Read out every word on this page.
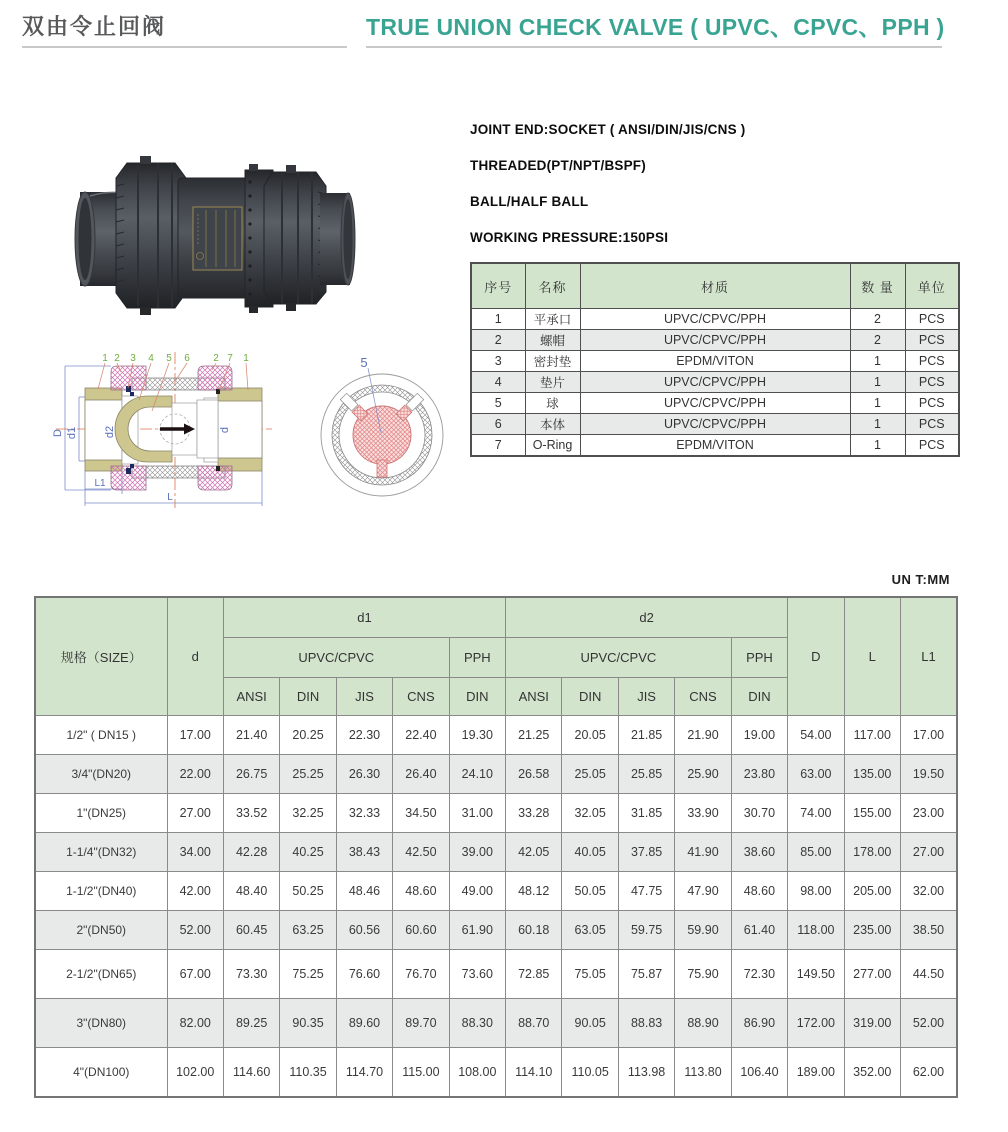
双由令止回阀	TRUE UNION CHECK VALVE ( UPVC、CPVC、PPH )
JOINT END:SOCKET ( ANSI/DIN/JIS/CNS )
THREADED(PT/NPT/BSPF)
BALL/HALF BALL
WORKING PRESSURE:150PSI
序号	名称	材质	数 量	单位
1	平承口	UPVC/CPVC/PPH	2	PCS
2	螺帽	UPVC/CPVC/PPH	2	PCS
3	密封垫	EPDM/VITON	1	PCS
4	垫片	UPVC/CPVC/PPH	1	PCS
5	球	UPVC/CPVC/PPH	1	PCS
6	本体	UPVC/CPVC/PPH	1	PCS
7	O-Ring	EPDM/VITON	1	PCS
1 2 3 4 5 6 2 7 1
D d1 d2	d
L1
L
5
UN T:MM
规格（SIZE）	d	d1					d2					D	L	L1
		UPVC/CPVC				PPH	UPVC/CPVC				PPH			
		ANSI	DIN	JIS	CNS	DIN	ANSI	DIN	JIS	CNS	DIN			
1/2" ( DN15 )	17.00	21.40	20.25	22.30	22.40	19.30	21.25	20.05	21.85	21.90	19.00	54.00	117.00	17.00
3/4"(DN20)	22.00	26.75	25.25	26.30	26.40	24.10	26.58	25.05	25.85	25.90	23.80	63.00	135.00	19.50
1"(DN25)	27.00	33.52	32.25	32.33	34.50	31.00	33.28	32.05	31.85	33.90	30.70	74.00	155.00	23.00
1-1/4"(DN32)	34.00	42.28	40.25	38.43	42.50	39.00	42.05	40.05	37.85	41.90	38.60	85.00	178.00	27.00
1-1/2"(DN40)	42.00	48.40	50.25	48.46	48.60	49.00	48.12	50.05	47.75	47.90	48.60	98.00	205.00	32.00
2"(DN50)	52.00	60.45	63.25	60.56	60.60	61.90	60.18	63.05	59.75	59.90	61.40	118.00	235.00	38.50
2-1/2"(DN65)	67.00	73.30	75.25	76.60	76.70	73.60	72.85	75.05	75.87	75.90	72.30	149.50	277.00	44.50
3"(DN80)	82.00	89.25	90.35	89.60	89.70	88.30	88.70	90.05	88.83	88.90	86.90	172.00	319.00	52.00
4"(DN100)	102.00	114.60	110.35	114.70	115.00	108.00	114.10	110.05	113.98	113.80	106.40	189.00	352.00	62.00
